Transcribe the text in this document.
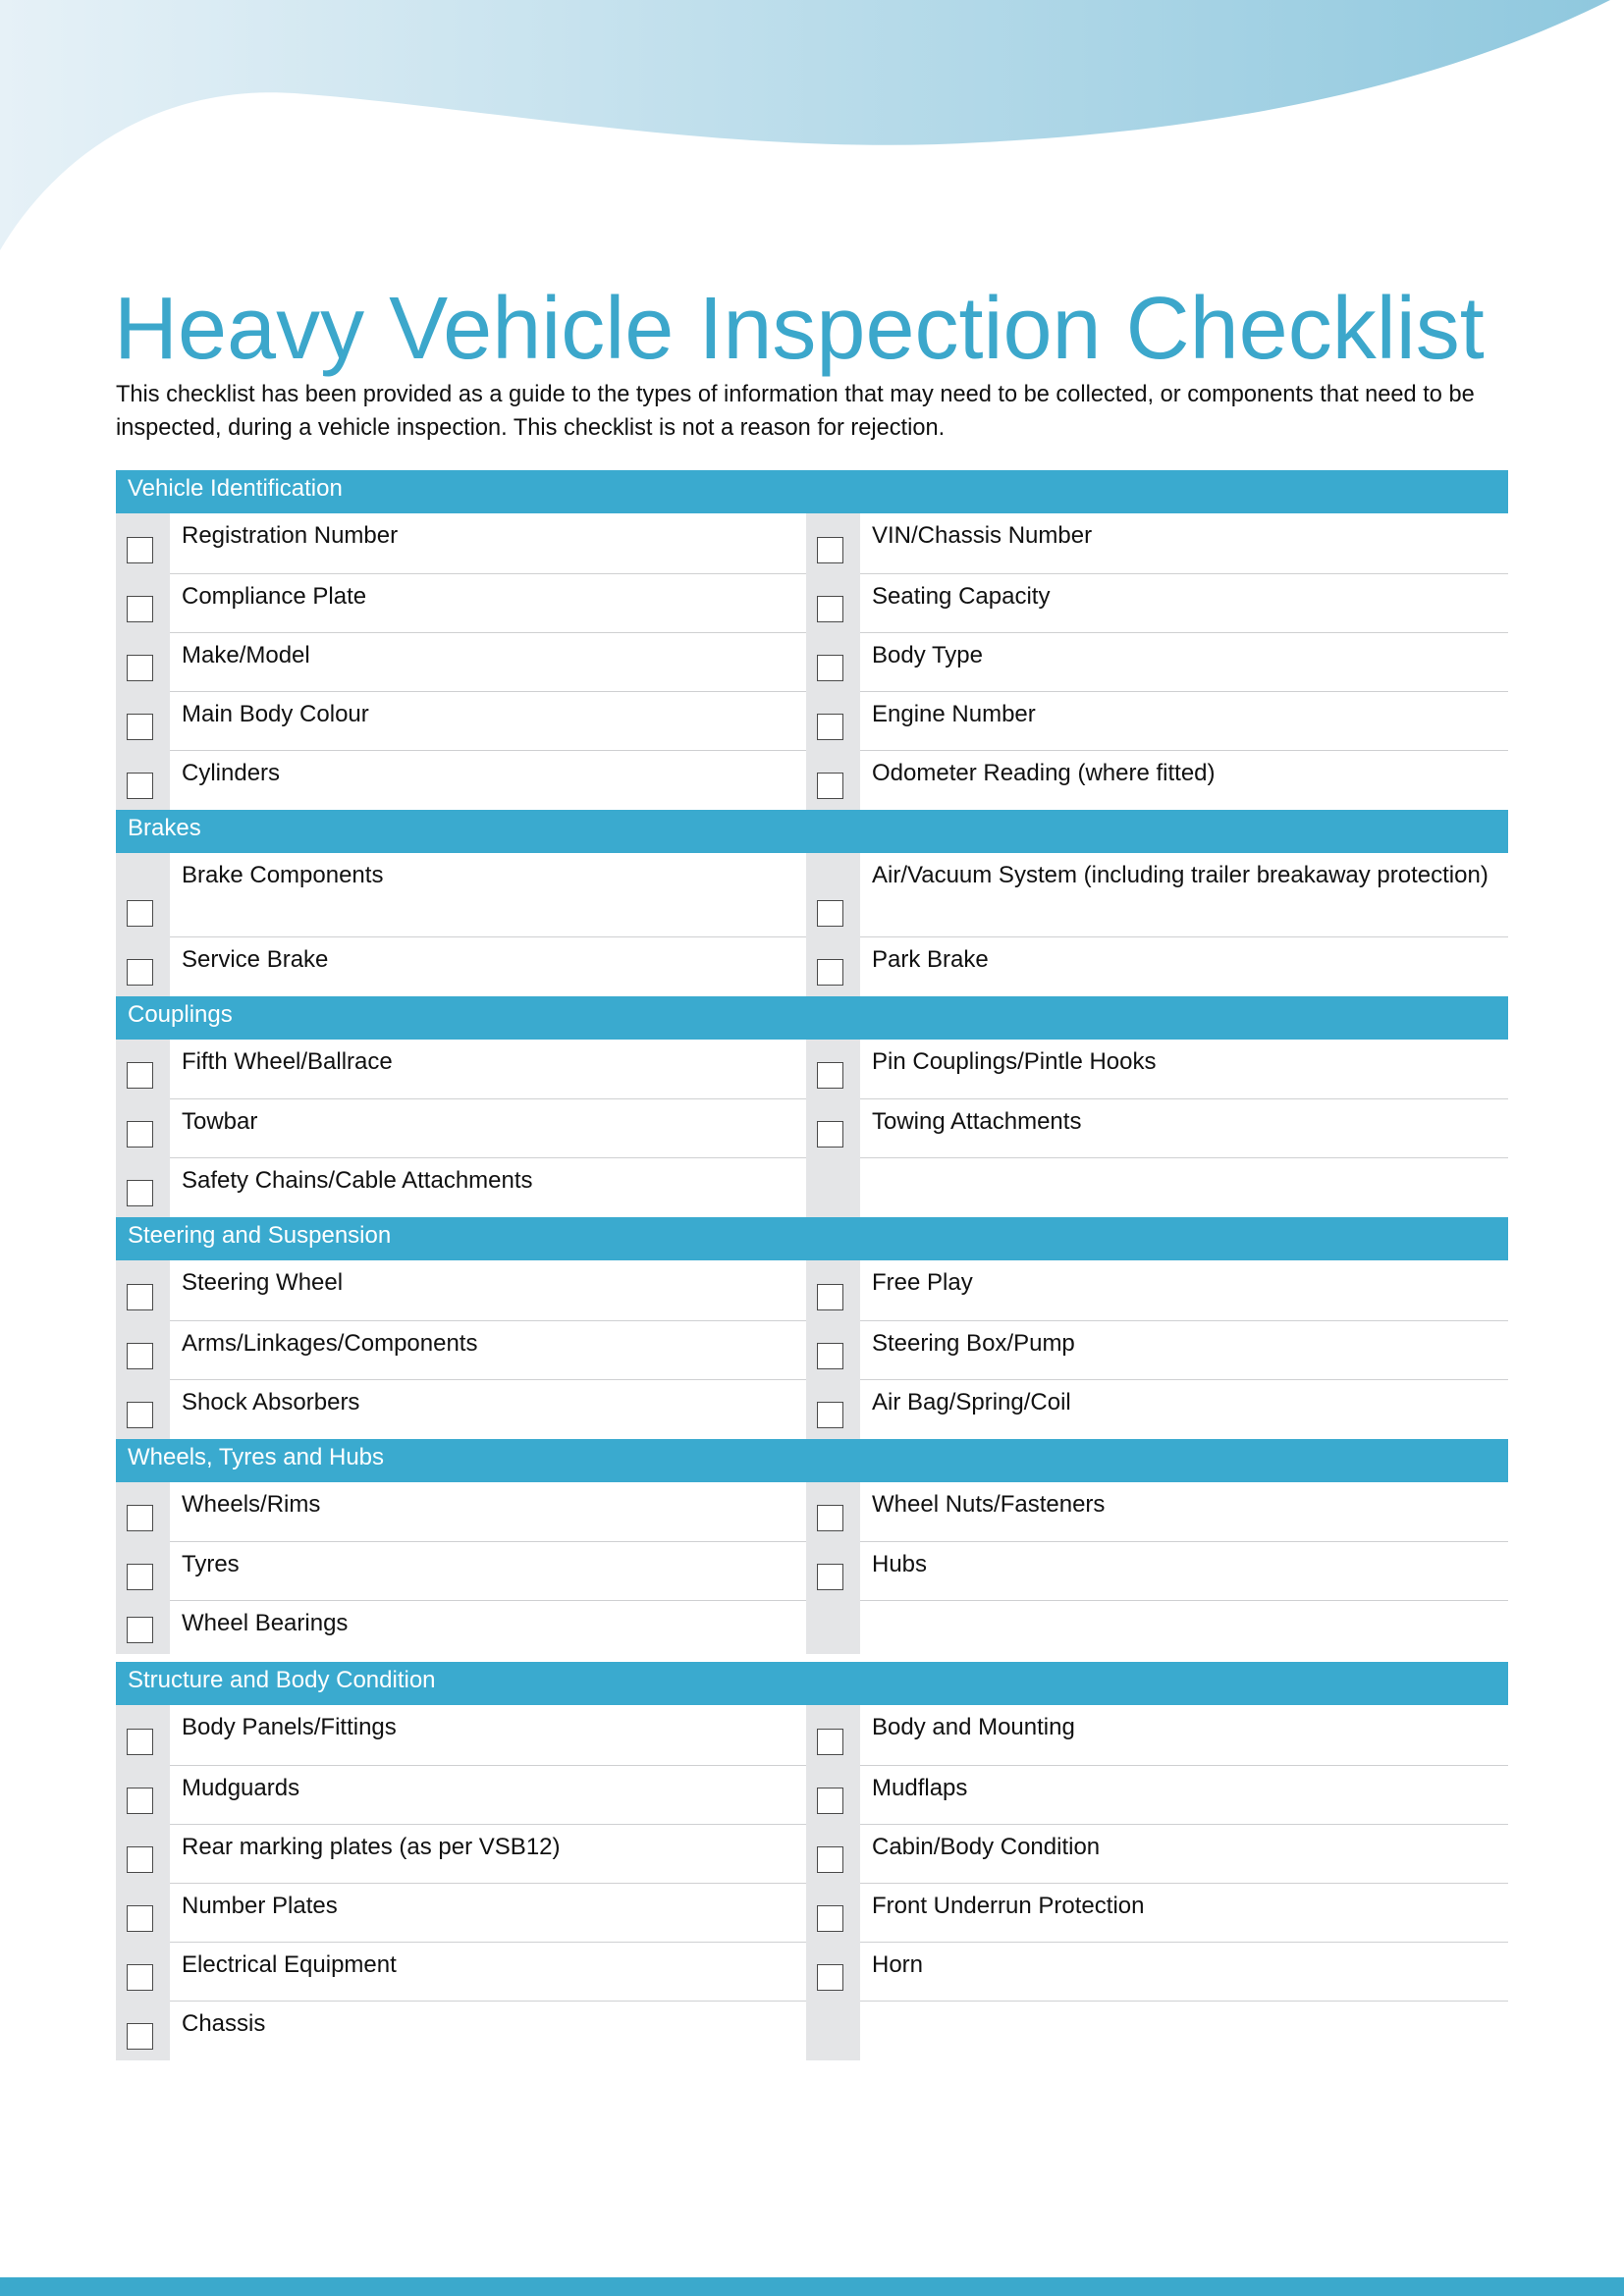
Heavy Vehicle Inspection Checklist

This checklist has been provided as a guide to the types of information that may need to be collected, or components that need to be inspected, during a vehicle inspection. This checklist is not a reason for rejection.

Vehicle Identification
Registration Number	VIN/Chassis Number
Compliance Plate	Seating Capacity
Make/Model	Body Type
Main Body Colour	Engine Number
Cylinders	Odometer Reading (where fitted)
Brakes
Brake Components	Air/Vacuum System (including trailer breakaway protection)
Service Brake	Park Brake
Couplings
Fifth Wheel/Ballrace	Pin Couplings/Pintle Hooks
Towbar	Towing Attachments
Safety Chains/Cable Attachments
Steering and Suspension
Steering Wheel	Free Play
Arms/Linkages/Components	Steering Box/Pump
Shock Absorbers	Air Bag/Spring/Coil
Wheels, Tyres and Hubs
Wheels/Rims	Wheel Nuts/Fasteners
Tyres	Hubs
Wheel Bearings
Structure and Body Condition
Body Panels/Fittings	Body and Mounting
Mudguards	Mudflaps
Rear marking plates (as per VSB12)	Cabin/Body Condition
Number Plates	Front Underrun Protection
Electrical Equipment	Horn
Chassis
